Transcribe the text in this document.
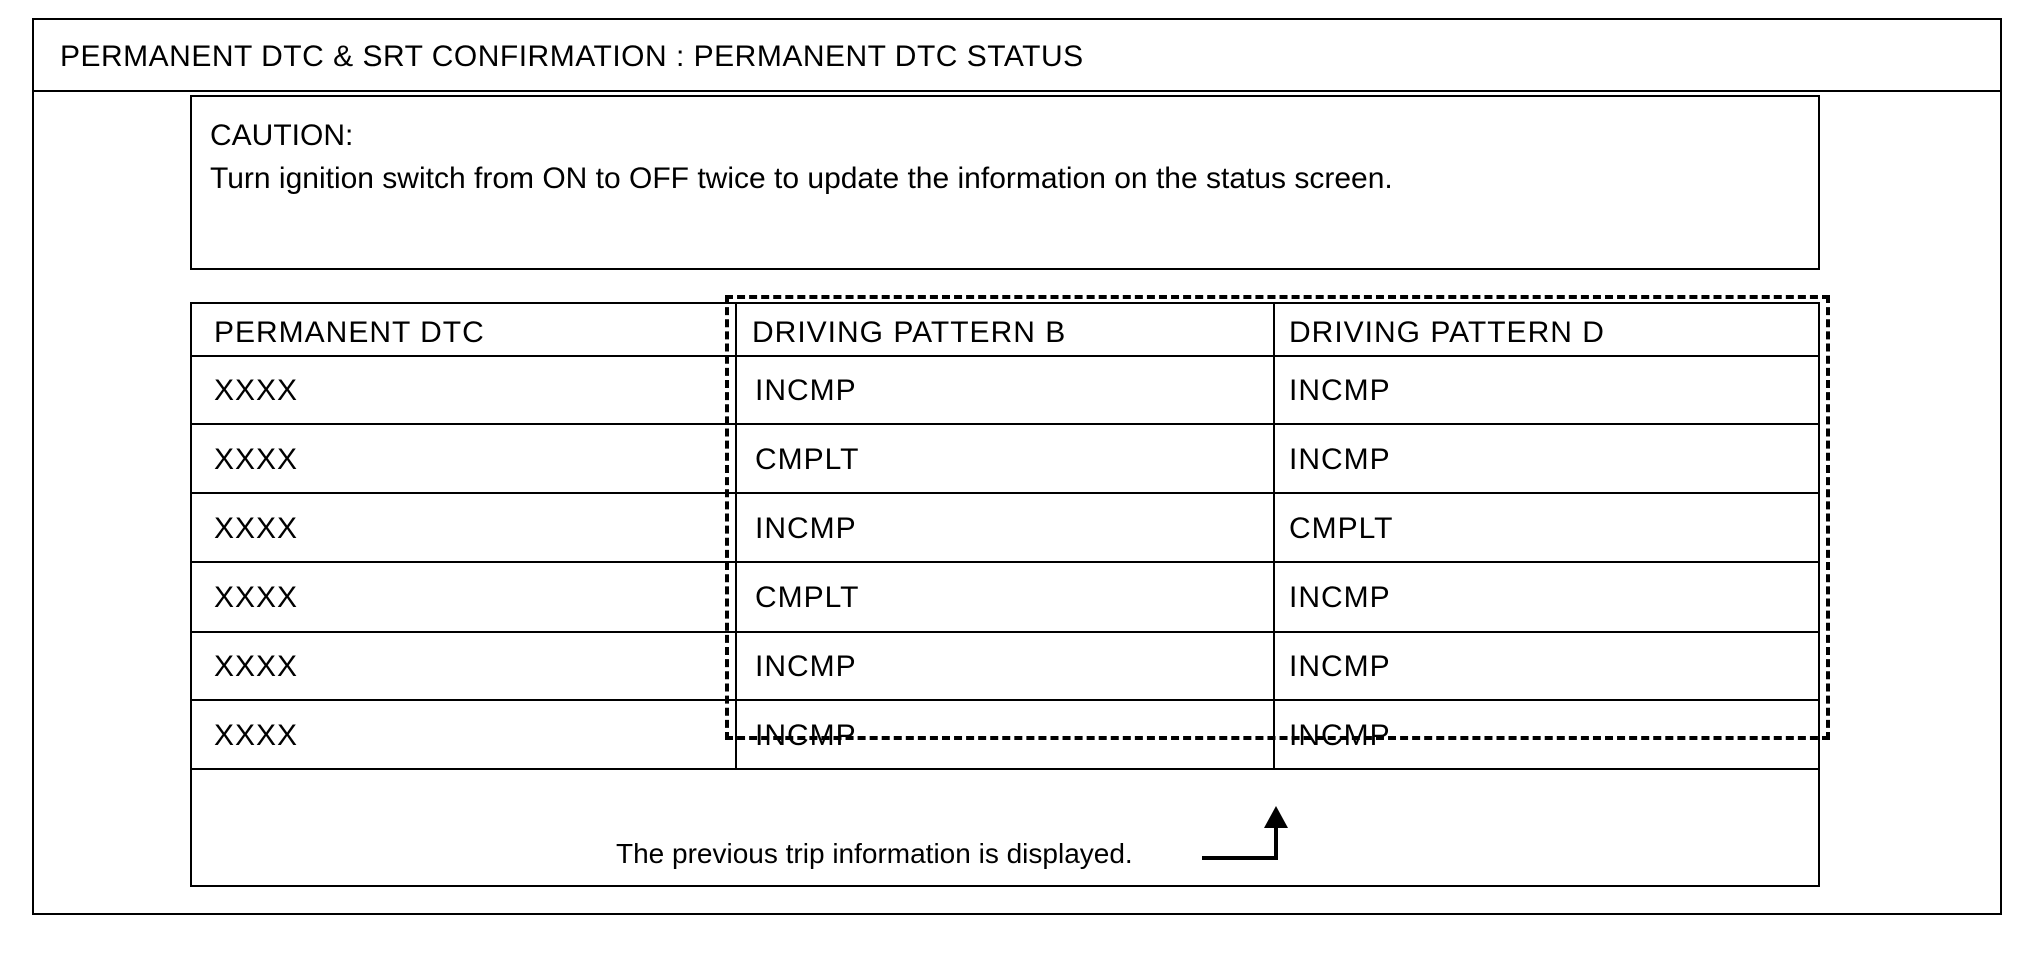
PERMANENT DTC & SRT CONFIRMATION : PERMANENT DTC STATUS
CAUTION:
Turn ignition switch from ON to OFF twice to update the information on the status screen.
PERMANENT DTC	DRIVING PATTERN B	DRIVING PATTERN D
XXXX	INCMP	INCMP
XXXX	CMPLT	INCMP
XXXX	INCMP	CMPLT
XXXX	CMPLT	INCMP
XXXX	INCMP	INCMP
XXXX	INCMP	INCMP
The previous trip information is displayed.
